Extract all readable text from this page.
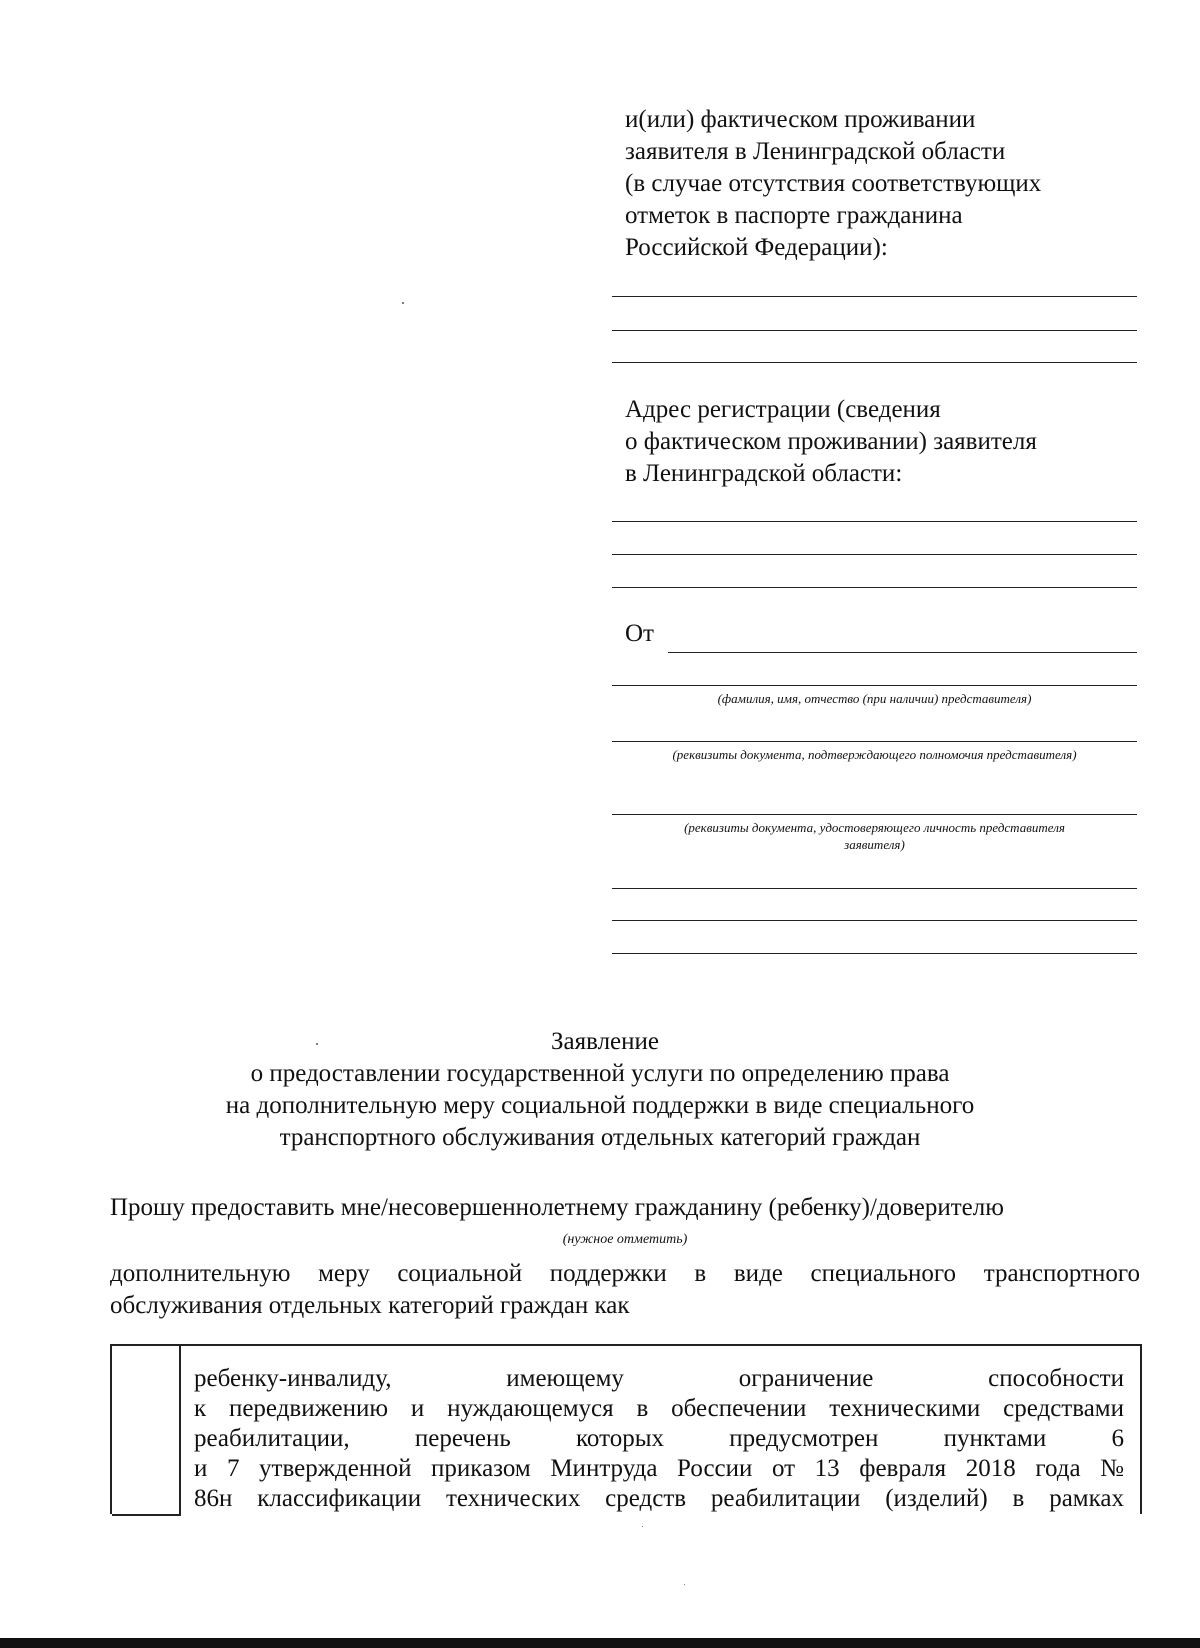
и(или) фактическом проживании
заявителя в Ленинградской области
(в случае отсутствия соответствующих
отметок в паспорте гражданина
Российской Федерации):
Адрес регистрации (сведения
о фактическом проживании) заявителя
в Ленинградской области:
От
(фамилия, имя, отчество (при наличии) представителя)
(реквизиты документа, подтверждающего полномочия представителя)
(реквизиты документа, удостоверяющего личность представителя
заявителя)
Заявление
о предоставлении государственной услуги по определению права
на дополнительную меру социальной поддержки в виде специального
транспортного обслуживания отдельных категорий граждан
Прошу предоставить мне/несовершеннолетнему гражданину (ребенку)/доверителю
(нужное отметить)
дополнительную меру социальной поддержки в виде специального транспортного
обслуживания отдельных категорий граждан как
ребенку-инвалиду, имеющему ограничение способности
к передвижению и нуждающемуся в обеспечении техническими средствами
реабилитации, перечень которых предусмотрен пунктами 6
и 7 утвержденной приказом Минтруда России от 13 февраля 2018 года №
86н классификации технических средств реабилитации (изделий) в рамках
